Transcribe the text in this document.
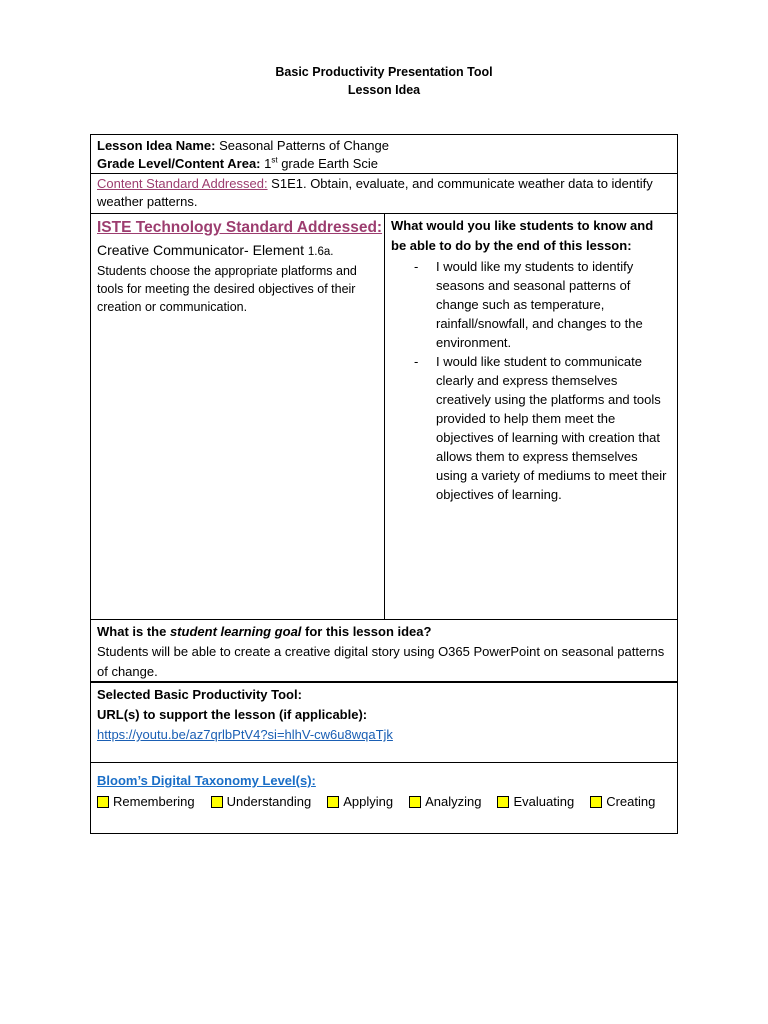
Basic Productivity Presentation Tool
Lesson Idea
Lesson Idea Name: Seasonal Patterns of Change
Grade Level/Content Area: 1st grade Earth Scie
Content Standard Addressed: S1E1. Obtain, evaluate, and communicate weather data to identify weather patterns.
ISTE Technology Standard Addressed:
Creative Communicator- Element 1.6a.
Students choose the appropriate platforms and tools for meeting the desired objectives of their creation or communication.
What would you like students to know and be able to do by the end of this lesson:
- I would like my students to identify seasons and seasonal patterns of change such as temperature, rainfall/snowfall, and changes to the environment.
- I would like student to communicate clearly and express themselves creatively using the platforms and tools provided to help them meet the objectives of learning with creation that allows them to express themselves using a variety of mediums to meet their objectives of learning.
What is the student learning goal for this lesson idea?
Students will be able to create a creative digital story using O365 PowerPoint on seasonal patterns of change.
Selected Basic Productivity Tool:
URL(s) to support the lesson (if applicable):
https://youtu.be/az7qrlbPtV4?si=hlhV-cw6u8wqaTjk
Bloom’s Digital Taxonomy Level(s):
Remembering Understanding Applying Analyzing Evaluating Creating
